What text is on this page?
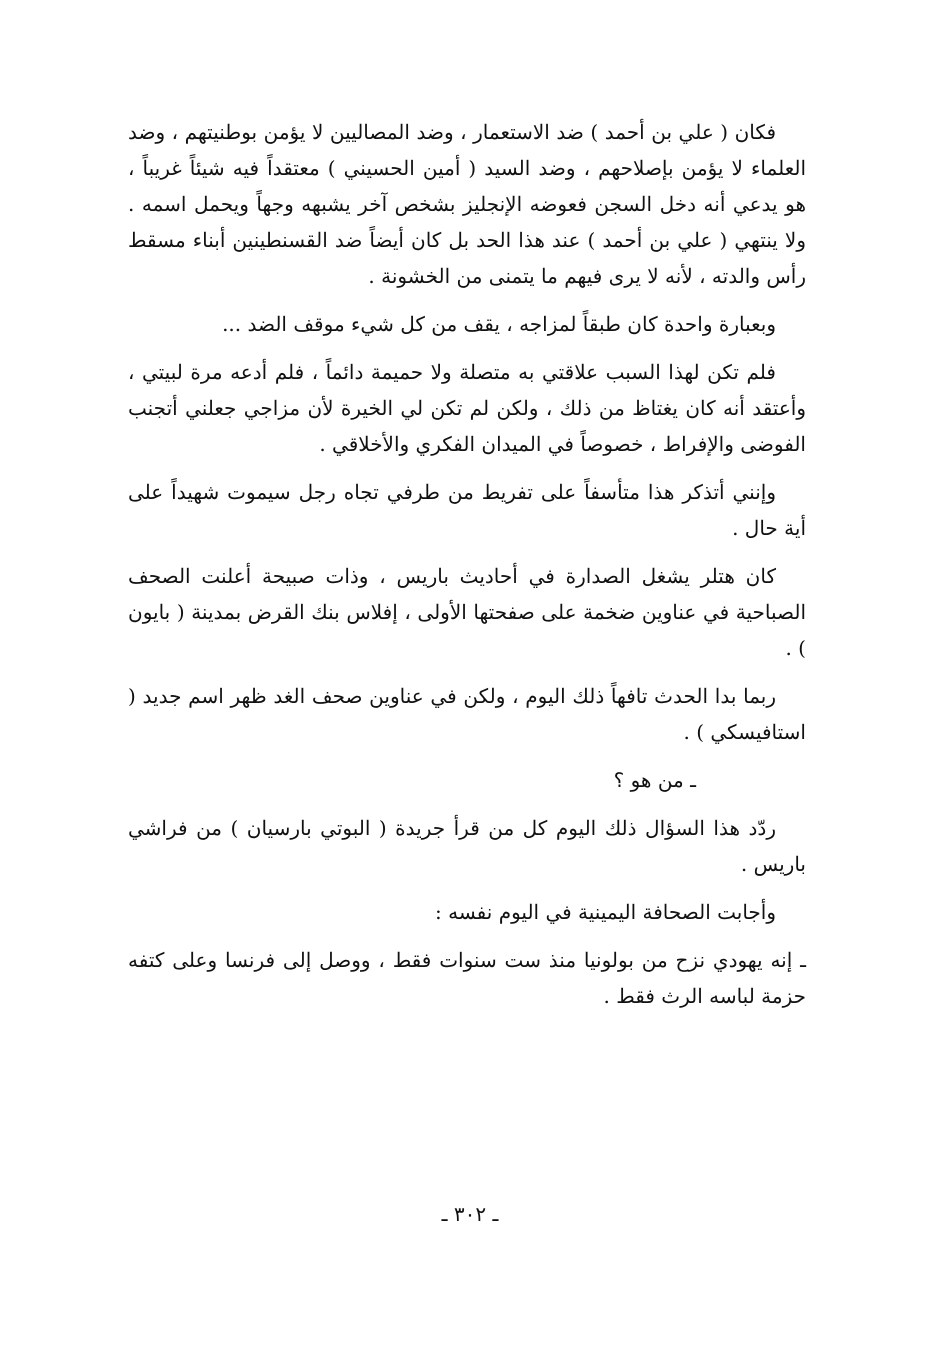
فكان ( علي بن أحمد ) ضد الاستعمار ، وضد المصاليين لا يؤمن بوطنيتهم ، وضد العلماء لا يؤمن بإصلاحهم ، وضد السيد ( أمين الحسيني ) معتقداً فيه شيئاً غريباً ، هو يدعي أنه دخل السجن فعوضه الإنجليز بشخص آخر يشبهه وجهاً ويحمل اسمه . ولا ينتهي ( علي بن أحمد ) عند هذا الحد بل كان أيضاً ضد القسنطينين أبناء مسقط رأس والدته ، لأنه لا يرى فيهم ما يتمنى من الخشونة .

وبعبارة واحدة كان طبقاً لمزاجه ، يقف من كل شيء موقف الضد ...

فلم تكن لهذا السبب علاقتي به متصلة ولا حميمة دائماً ، فلم أدعه مرة لبيتي ، وأعتقد أنه كان يغتاظ من ذلك ، ولكن لم تكن لي الخيرة لأن مزاجي جعلني أتجنب الفوضى والإفراط ، خصوصاً في الميدان الفكري والأخلاقي .

وإنني أتذكر هذا متأسفاً على تفريط من طرفي تجاه رجل سيموت شهيداً على أية حال .

كان هتلر يشغل الصدارة في أحاديث باريس ، وذات صبيحة أعلنت الصحف الصباحية في عناوين ضخمة على صفحتها الأولى ، إفلاس بنك القرض بمدينة ( بايون ) .

ربما بدا الحدث تافهاً ذلك اليوم ، ولكن في عناوين صحف الغد ظهر اسم جديد ( استافيسكي ) .

ـ من هو ؟

ردّد هذا السؤال ذلك اليوم كل من قرأ جريدة ( البوتي بارسيان ) من فراشي باريس .

وأجابت الصحافة اليمينية في اليوم نفسه :

ـ إنه يهودي نزح من بولونيا منذ ست سنوات فقط ، ووصل إلى فرنسا وعلى كتفه حزمة لباسه الرث فقط .

ـ ٣٠٢ ـ
